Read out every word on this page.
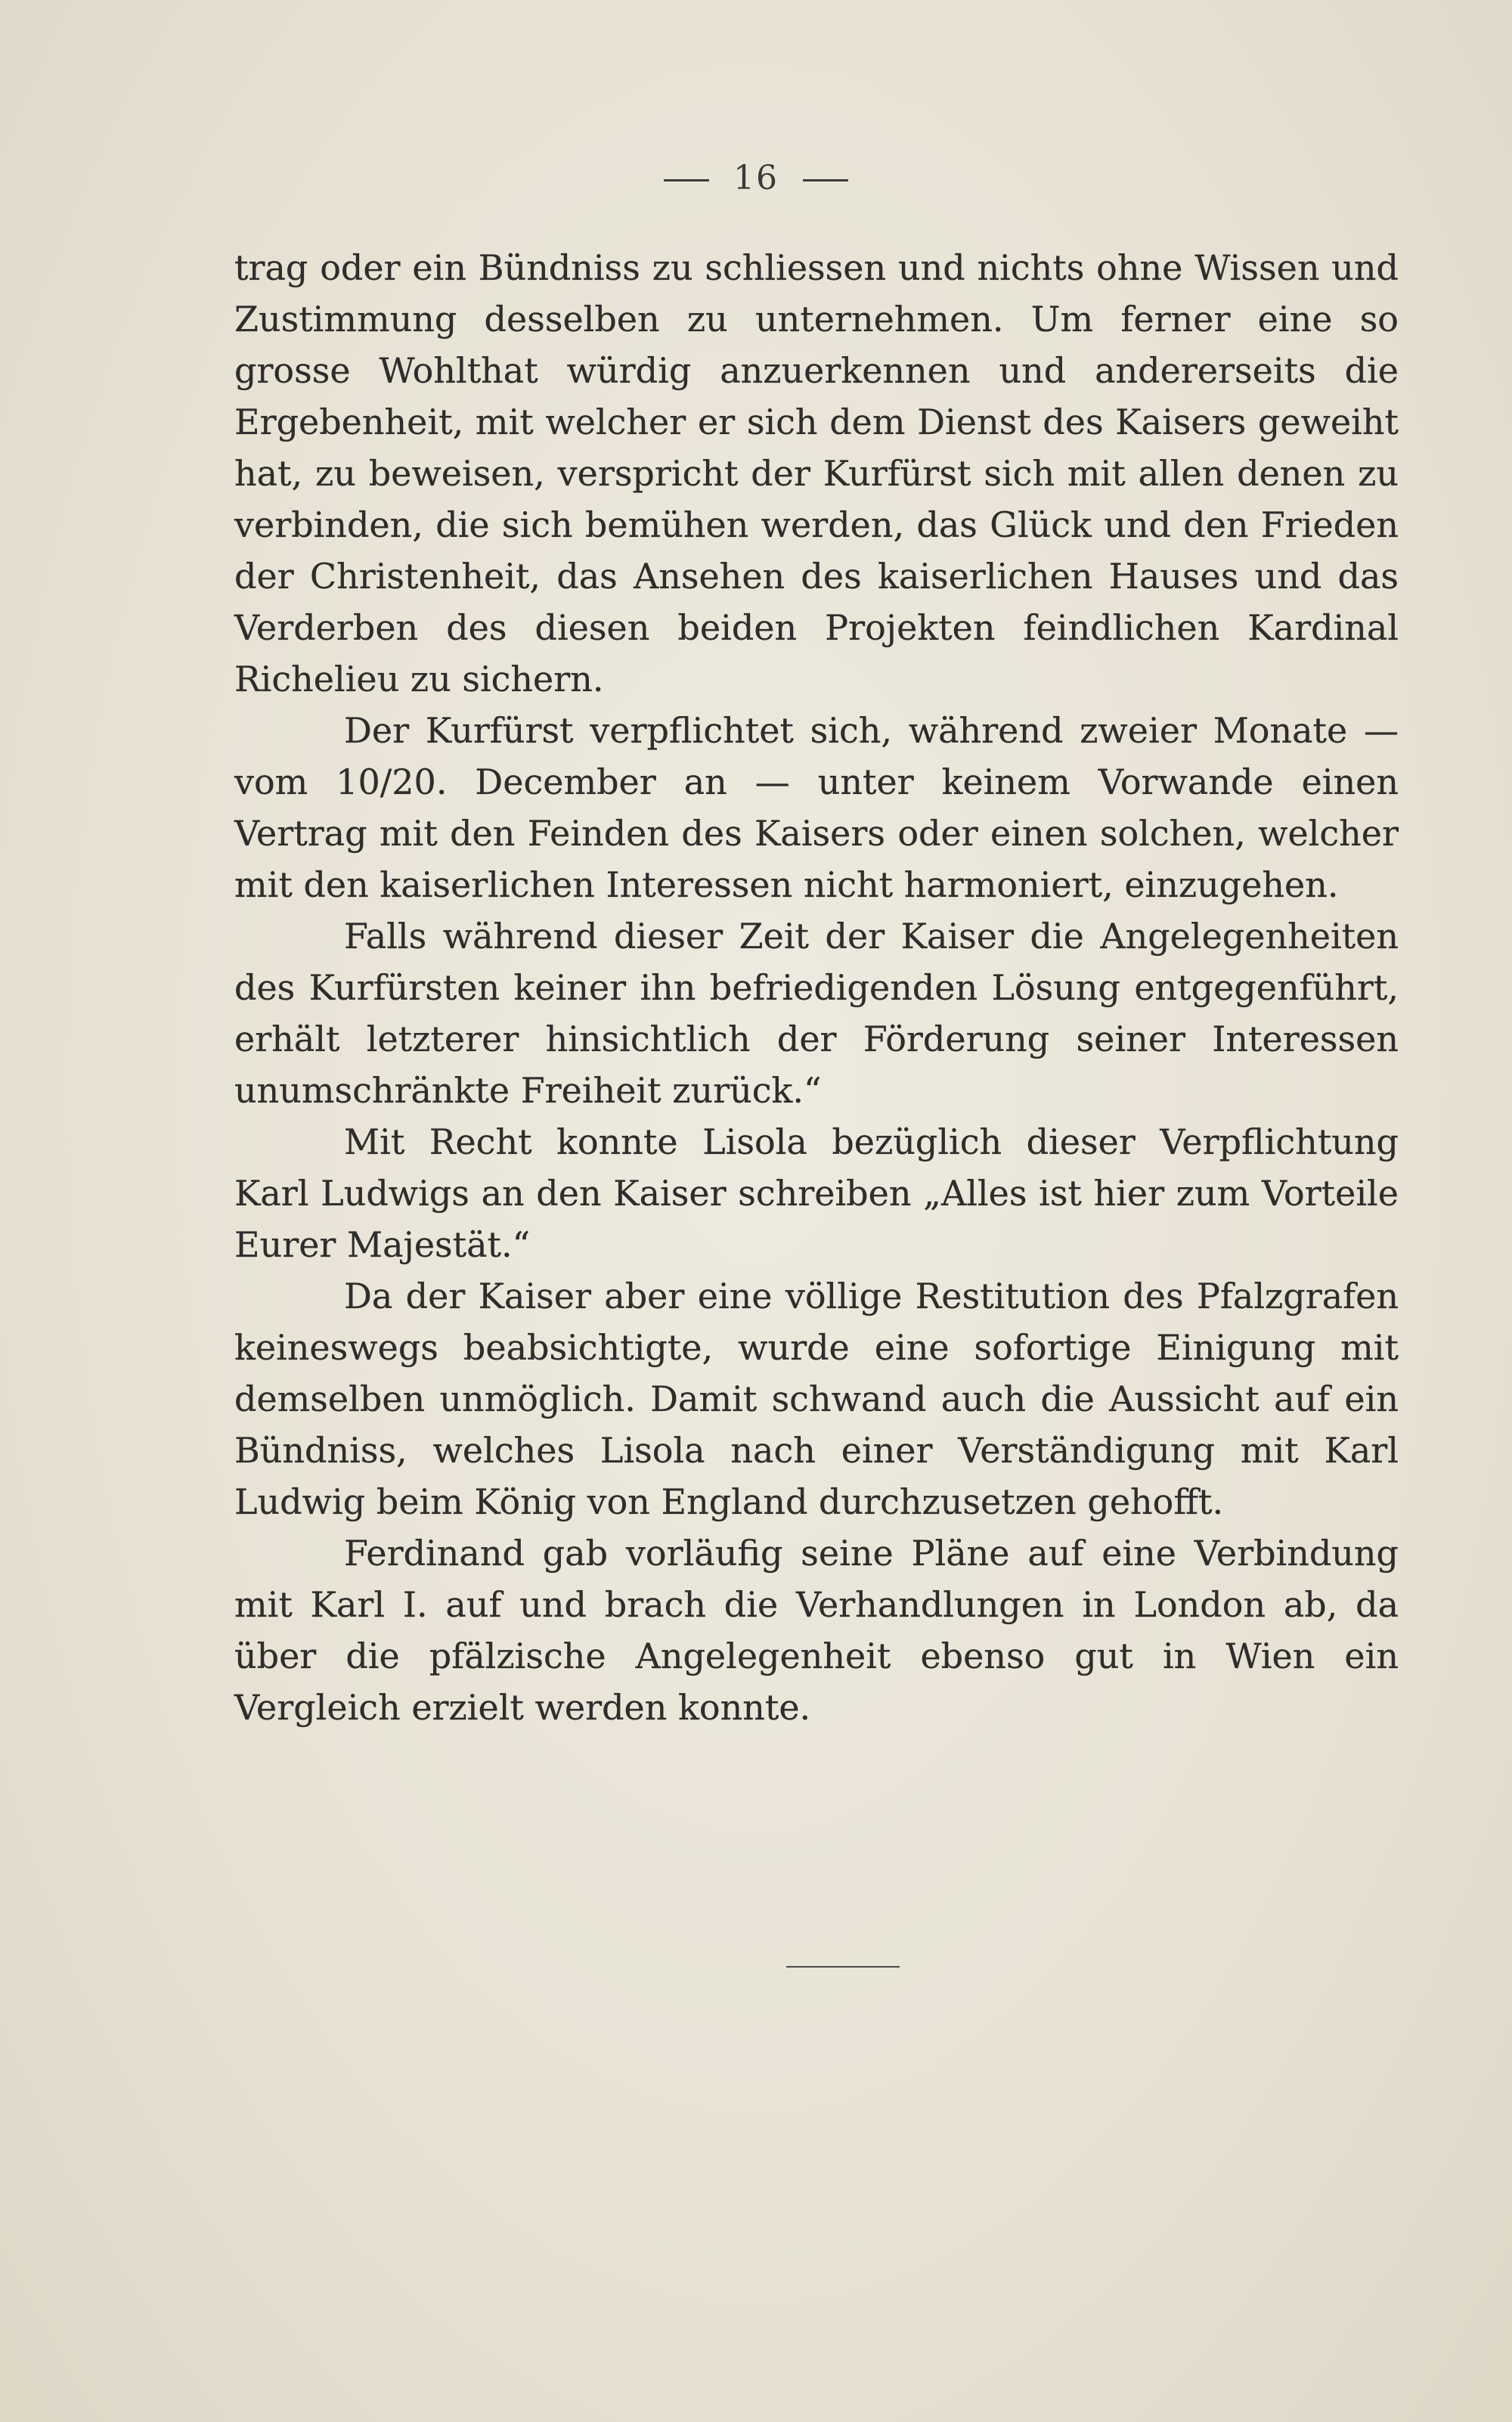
16

trag oder ein Bündniss zu schliessen und nichts ohne Wissen und Zustimmung desselben zu unternehmen. Um ferner eine so grosse Wohlthat würdig anzuerkennen und andererseits die Ergebenheit, mit welcher er sich dem Dienst des Kaisers geweiht hat, zu beweisen, verspricht der Kurfürst sich mit allen denen zu verbinden, die sich bemühen werden, das Glück und den Frieden der Christenheit, das Ansehen des kaiserlichen Hauses und das Verderben des diesen beiden Projekten feindlichen Kardinal Richelieu zu sichern.

Der Kurfürst verpflichtet sich, während zweier Monate — vom 10/20. December an — unter keinem Vorwande einen Vertrag mit den Feinden des Kaisers oder einen solchen, welcher mit den kaiserlichen Interessen nicht harmoniert, einzugehen.

Falls während dieser Zeit der Kaiser die Angelegenheiten des Kurfürsten keiner ihn befriedigenden Lösung entgegenführt, erhält letzterer hinsichtlich der Förderung seiner Interessen unumschränkte Freiheit zurück.“

Mit Recht konnte Lisola bezüglich dieser Verpflichtung Karl Ludwigs an den Kaiser schreiben „Alles ist hier zum Vorteile Eurer Majestät.“

Da der Kaiser aber eine völlige Restitution des Pfalzgrafen keineswegs beabsichtigte, wurde eine sofortige Einigung mit demselben unmöglich. Damit schwand auch die Aussicht auf ein Bündniss, welches Lisola nach einer Verständigung mit Karl Ludwig beim König von England durchzusetzen gehofft.

Ferdinand gab vorläufig seine Pläne auf eine Verbindung mit Karl I. auf und brach die Verhandlungen in London ab, da über die pfälzische Angelegenheit ebenso gut in Wien ein Vergleich erzielt werden konnte.
